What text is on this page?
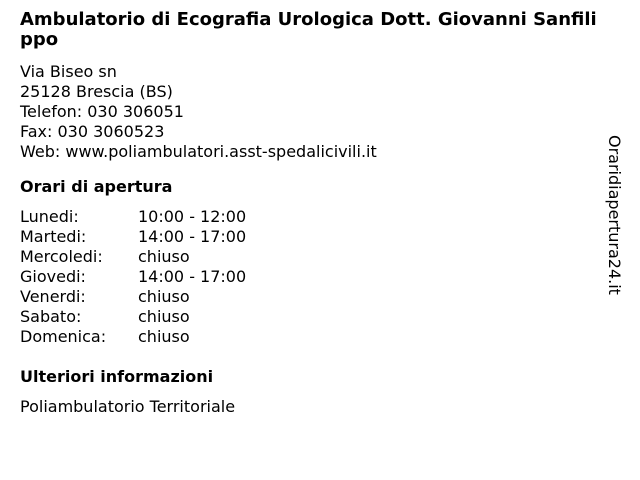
Ambulatorio di Ecografia Urologica Dott. Giovanni Sanfilippo
Via Biseo sn
25128 Brescia (BS)
Telefon: 030 306051
Fax: 030 3060523
Web: www.poliambulatori.asst-spedalicivili.it
Orari di apertura
Lunedi:	10:00 - 12:00
Martedi:	14:00 - 17:00
Mercoledi:	chiuso
Giovedi:	14:00 - 17:00
Venerdi:	chiuso
Sabato:	chiuso
Domenica:	chiuso
Ulteriori informazioni
Poliambulatorio Territoriale
Oraridiapertura24.it
